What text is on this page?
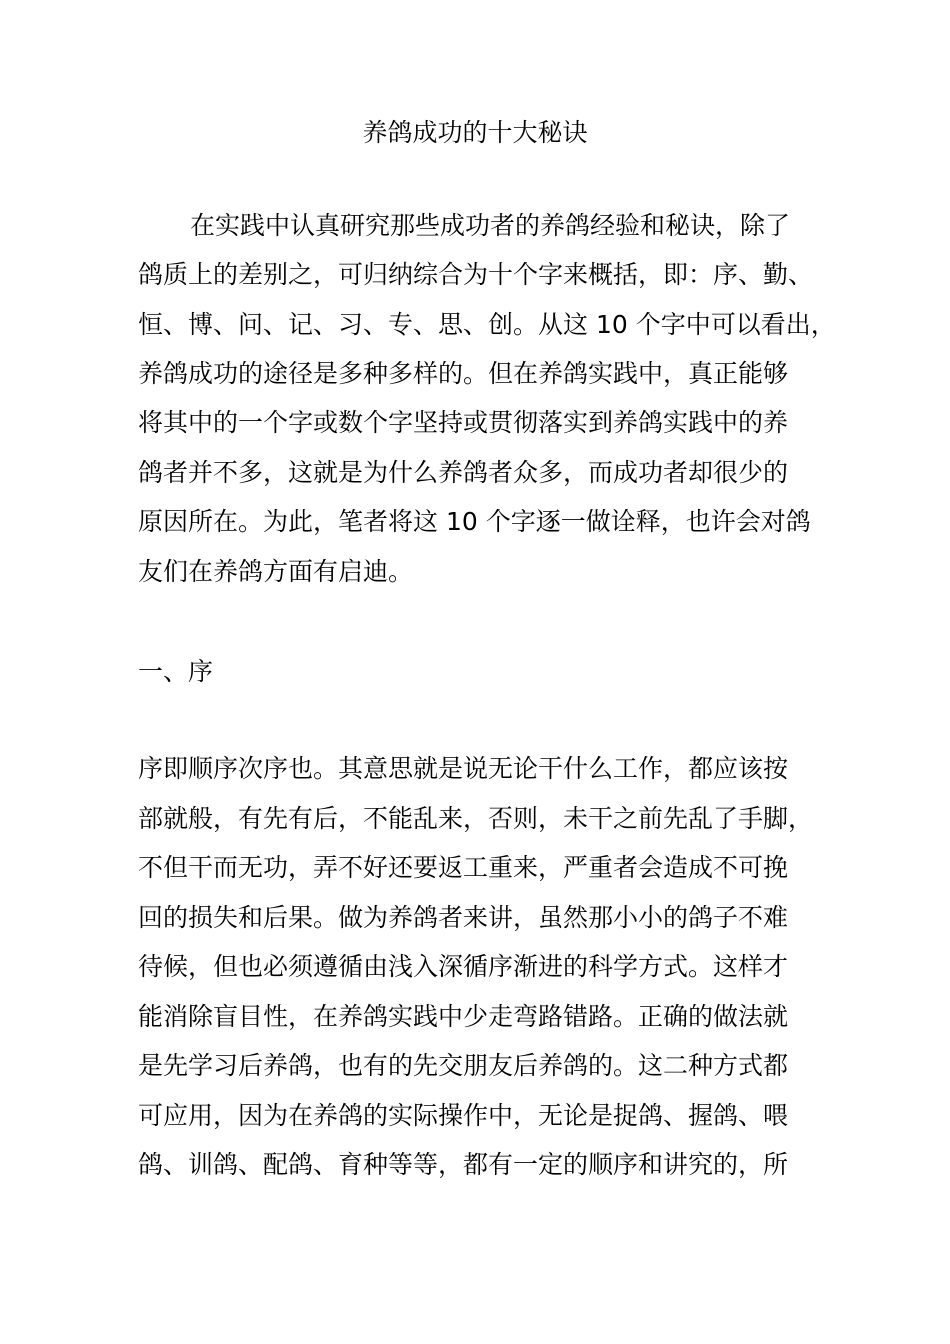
养鸽成功的十大秘诀

在实践中认真研究那些成功者的养鸽经验和秘诀，除了

鸽质上的差别之，可归纳综合为十个字来概括，即：序、勤、

恒、博、问、记、习、专、思、创。从这 10 个字中可以看出，

养鸽成功的途径是多种多样的。但在养鸽实践中，真正能够

将其中的一个字或数个字坚持或贯彻落实到养鸽实践中的养

鸽者并不多，这就是为什么养鸽者众多，而成功者却很少的

原因所在。为此，笔者将这 10 个字逐一做诠释，也许会对鸽

友们在养鸽方面有启迪。

一、序

序即顺序次序也。其意思就是说无论干什么工作，都应该按

部就般，有先有后，不能乱来，否则，未干之前先乱了手脚，

不但干而无功，弄不好还要返工重来，严重者会造成不可挽

回的损失和后果。做为养鸽者来讲，虽然那小小的鸽子不难

待候，但也必须遵循由浅入深循序渐进的科学方式。这样才

能消除盲目性，在养鸽实践中少走弯路错路。正确的做法就

是先学习后养鸽，也有的先交朋友后养鸽的。这二种方式都

可应用，因为在养鸽的实际操作中，无论是捉鸽、握鸽、喂

鸽、训鸽、配鸽、育种等等，都有一定的顺序和讲究的，所
